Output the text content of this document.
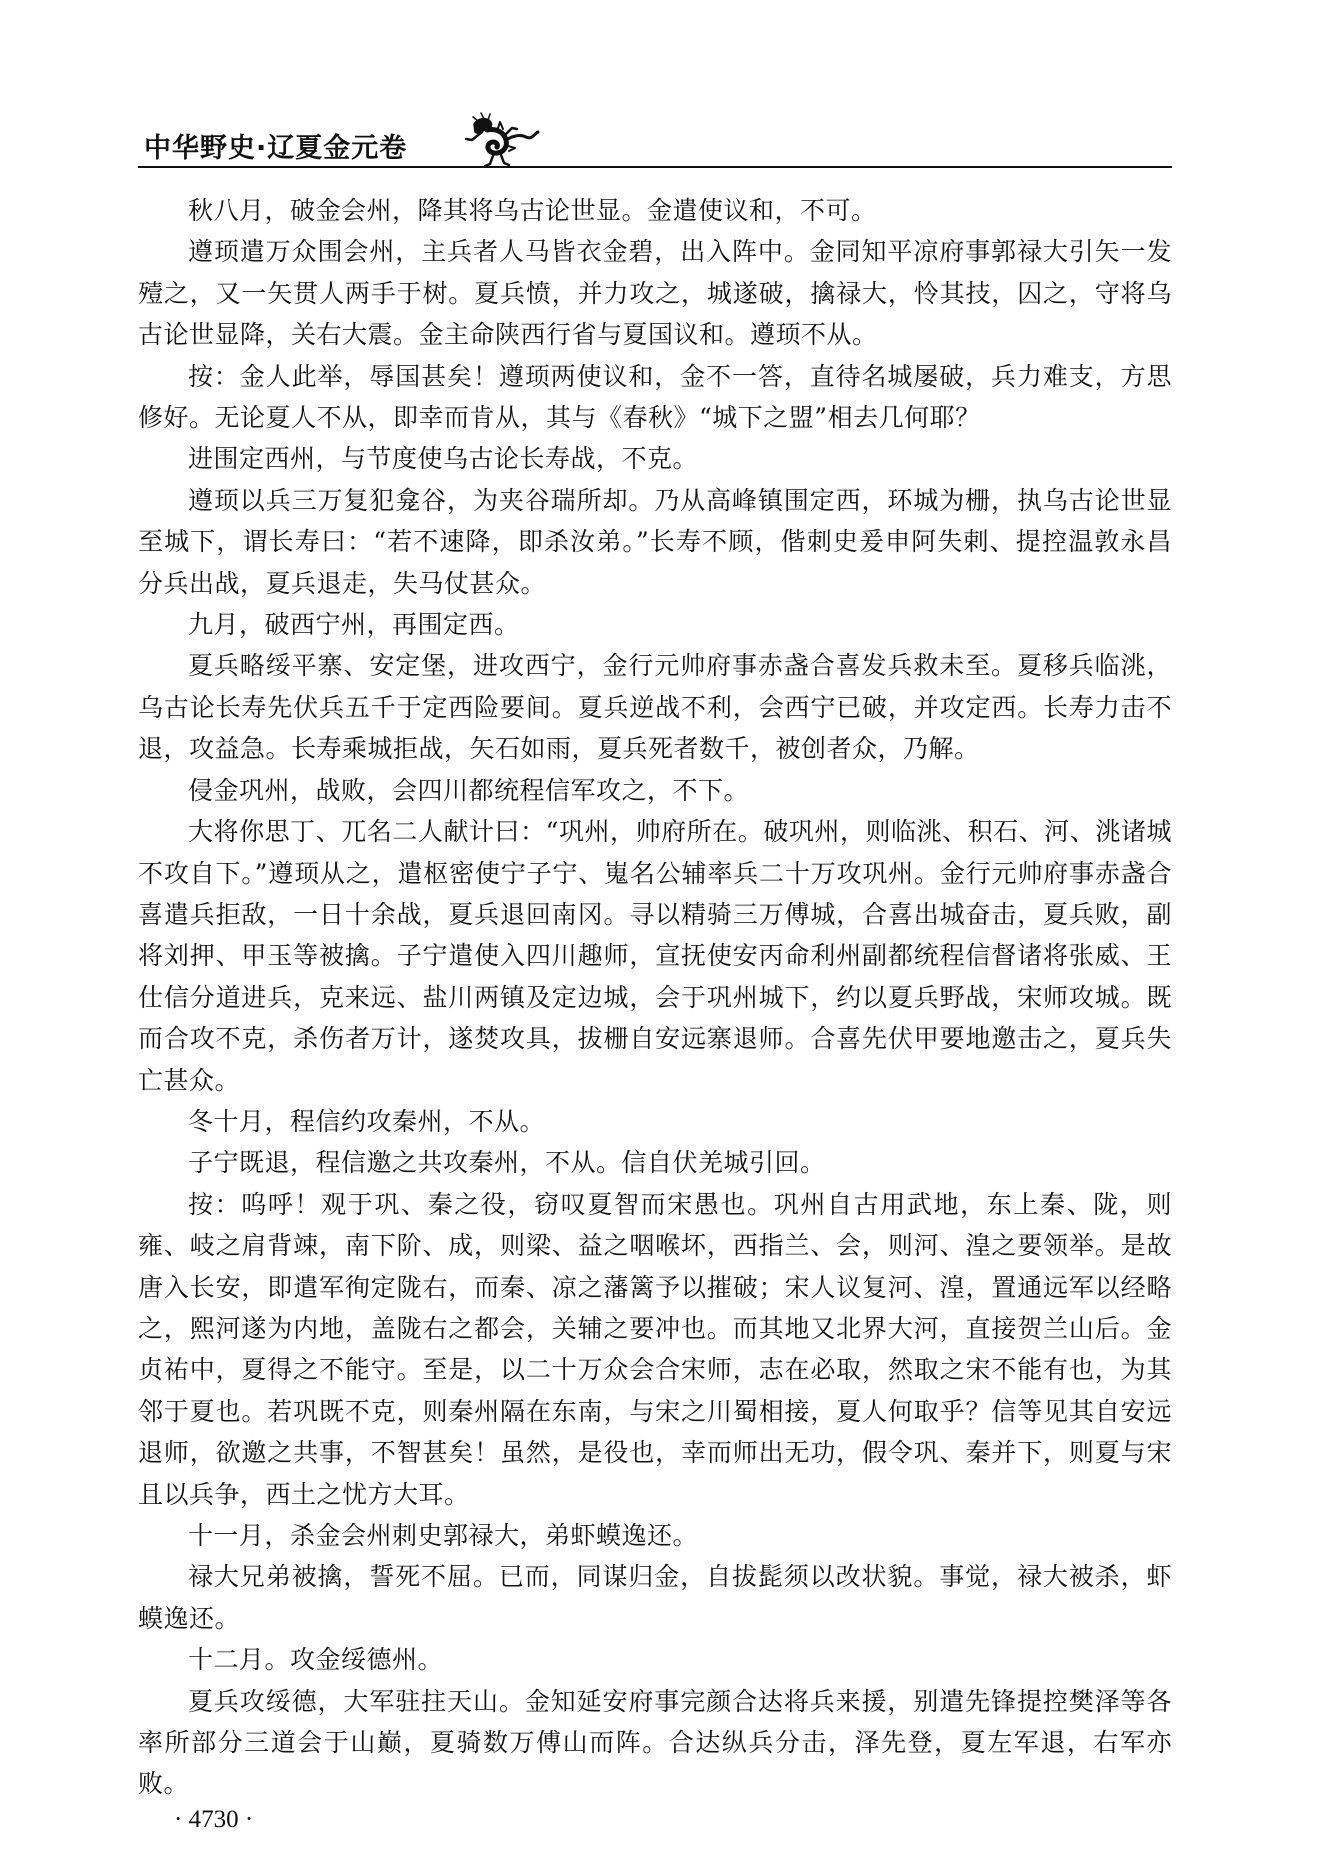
中华野史·辽夏金元卷

秋八月，破金会州，降其将乌古论世显。金遣使议和，不可。

遵顼遣万众围会州，主兵者人马皆衣金碧，出入阵中。金同知平凉府事郭禄大引矢一发殪之，又一矢贯人两手于树。夏兵愤，并力攻之，城遂破，擒禄大，怜其技，囚之，守将乌古论世显降，关右大震。金主命陕西行省与夏国议和。遵顼不从。

按：金人此举，辱国甚矣！遵顼两使议和，金不一答，直待名城屡破，兵力难支，方思修好。无论夏人不从，即幸而肯从，其与《春秋》“城下之盟”相去几何耶？

进围定西州，与节度使乌古论长寿战，不克。

遵顼以兵三万复犯龛谷，为夹谷瑞所却。乃从高峰镇围定西，环城为栅，执乌古论世显至城下，谓长寿曰：“若不速降，即杀汝弟。”长寿不顾，偕刺史爰申阿失剌、提控温敦永昌分兵出战，夏兵退走，失马仗甚众。

九月，破西宁州，再围定西。

夏兵略绥平寨、安定堡，进攻西宁，金行元帅府事赤盏合喜发兵救未至。夏移兵临洮，乌古论长寿先伏兵五千于定西险要间。夏兵逆战不利，会西宁已破，并攻定西。长寿力击不退，攻益急。长寿乘城拒战，矢石如雨，夏兵死者数千，被创者众，乃解。

侵金巩州，战败，会四川都统程信军攻之，不下。

大将你思丁、兀名二人献计曰：“巩州，帅府所在。破巩州，则临洮、积石、河、洮诸城不攻自下。”遵顼从之，遣枢密使宁子宁、嵬名公辅率兵二十万攻巩州。金行元帅府事赤盏合喜遣兵拒敌，一日十余战，夏兵退回南冈。寻以精骑三万傅城，合喜出城奋击，夏兵败，副将刘押、甲玉等被擒。子宁遣使入四川趣师，宣抚使安丙命利州副都统程信督诸将张威、王仕信分道进兵，克来远、盐川两镇及定边城，会于巩州城下，约以夏兵野战，宋师攻城。既而合攻不克，杀伤者万计，遂焚攻具，拔栅自安远寨退师。合喜先伏甲要地邀击之，夏兵失亡甚众。

冬十月，程信约攻秦州，不从。

子宁既退，程信邀之共攻秦州，不从。信自伏羌城引回。

按：呜呼！观于巩、秦之役，窃叹夏智而宋愚也。巩州自古用武地，东上秦、陇，则雍、岐之肩背竦，南下阶、成，则梁、益之咽喉坏，西指兰、会，则河、湟之要领举。是故唐入长安，即遣军徇定陇右，而秦、凉之藩篱予以摧破；宋人议复河、湟，置通远军以经略之，熙河遂为内地，盖陇右之都会，关辅之要冲也。而其地又北界大河，直接贺兰山后。金贞祐中，夏得之不能守。至是，以二十万众会合宋师，志在必取，然取之宋不能有也，为其邻于夏也。若巩既不克，则秦州隔在东南，与宋之川蜀相接，夏人何取乎？信等见其自安远退师，欲邀之共事，不智甚矣！虽然，是役也，幸而师出无功，假令巩、秦并下，则夏与宋且以兵争，西土之忧方大耳。

十一月，杀金会州刺史郭禄大，弟虾蟆逸还。

禄大兄弟被擒，誓死不屈。已而，同谋归金，自拔髭须以改状貌。事觉，禄大被杀，虾蟆逸还。

十二月。攻金绥德州。

夏兵攻绥德，大军驻拄天山。金知延安府事完颜合达将兵来援，别遣先锋提控樊泽等各率所部分三道会于山巅，夏骑数万傅山而阵。合达纵兵分击，泽先登，夏左军退，右军亦败。

· 4730 ·
